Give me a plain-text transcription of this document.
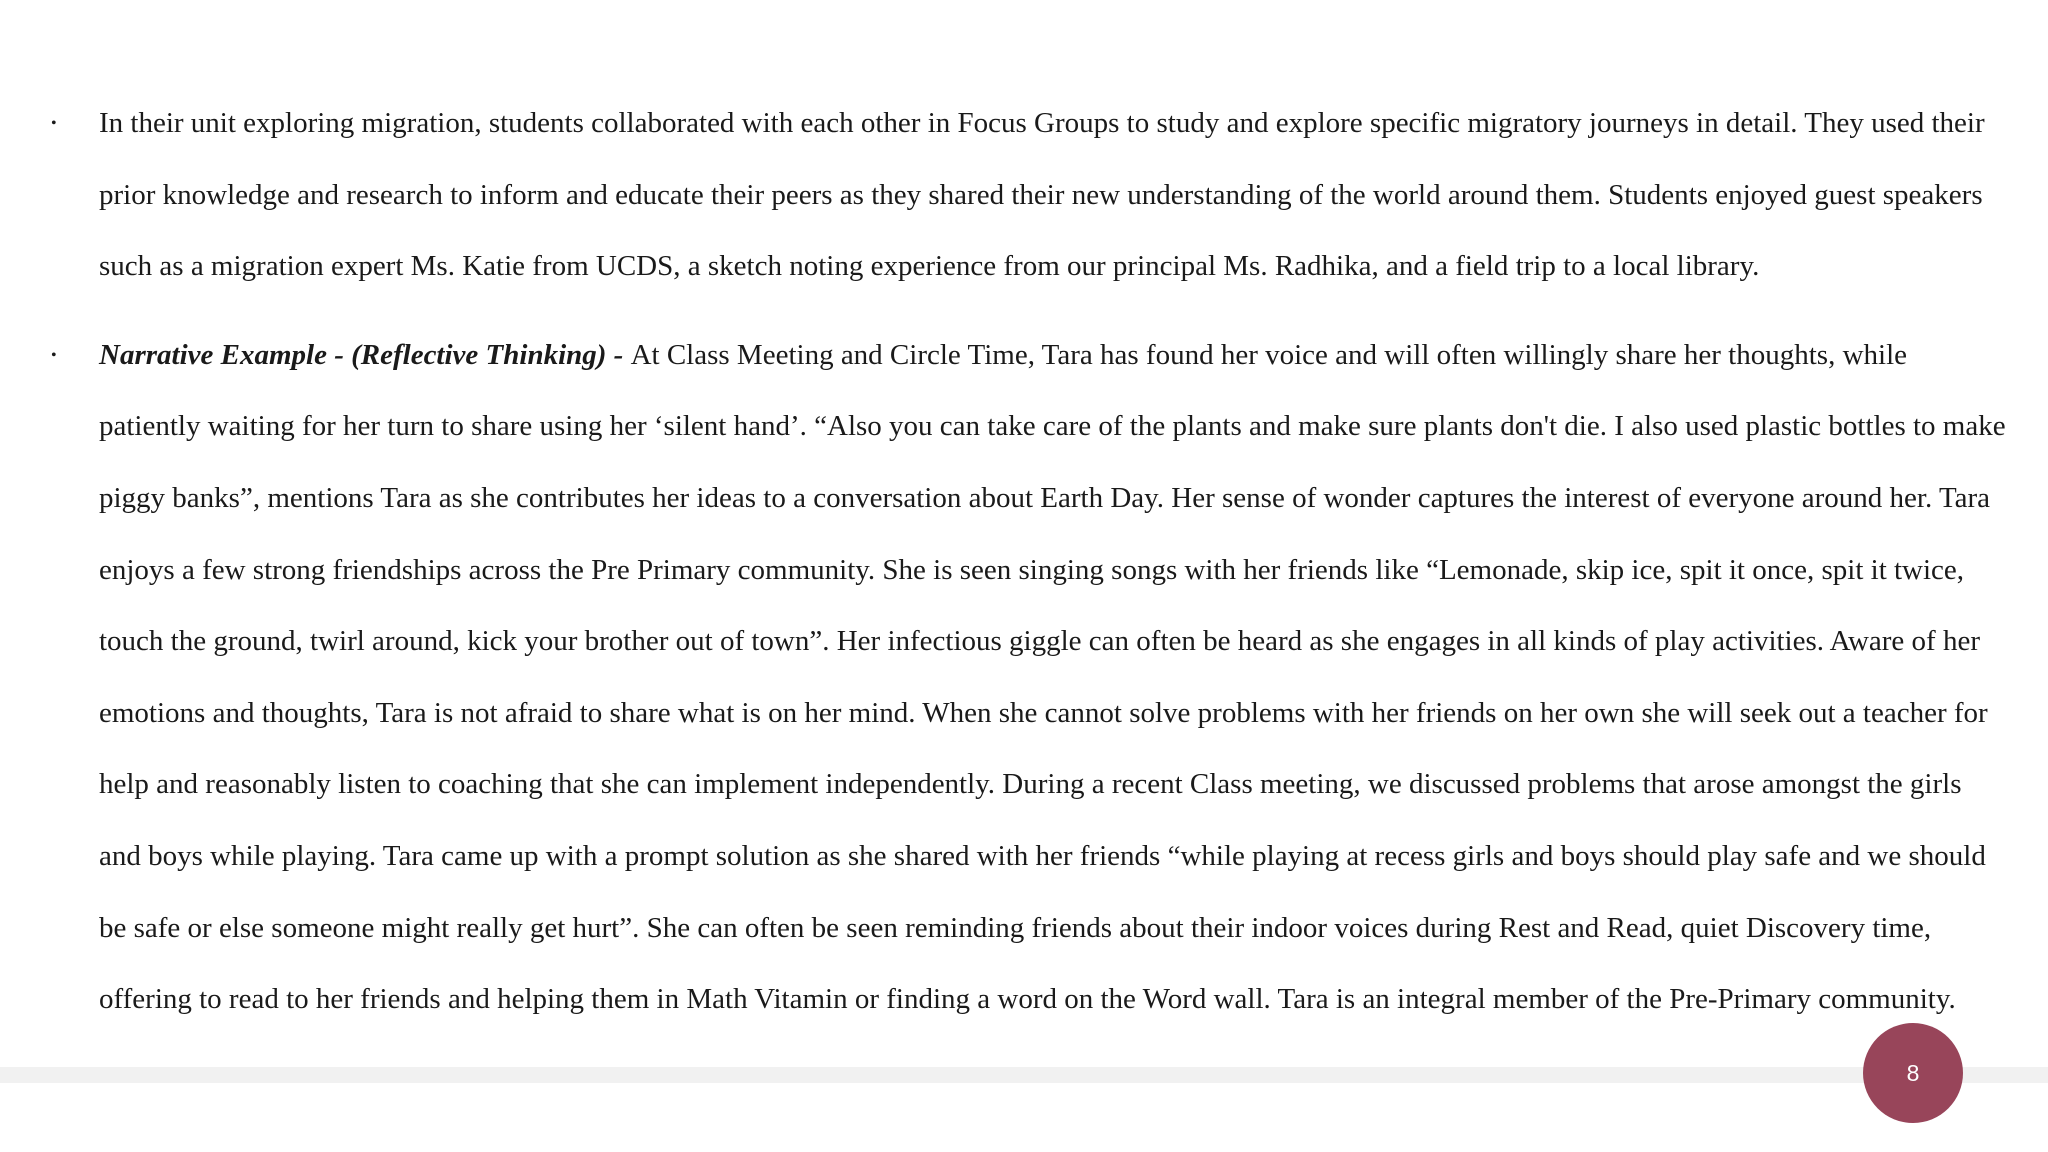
• In their unit exploring migration, students collaborated with each other in Focus Groups to study and explore specific migratory journeys in detail. They used their prior knowledge and research to inform and educate their peers as they shared their new understanding of the world around them. Students enjoyed guest speakers such as a migration expert Ms. Katie from UCDS, a sketch noting experience from our principal Ms. Radhika, and a field trip to a local library.
• Narrative Example - (Reflective Thinking) - At Class Meeting and Circle Time, Tara has found her voice and will often willingly share her thoughts, while patiently waiting for her turn to share using her ‘silent hand’. “Also you can take care of the plants and make sure plants don't die. I also used plastic bottles to make piggy banks”, mentions Tara as she contributes her ideas to a conversation about Earth Day. Her sense of wonder captures the interest of everyone around her. Tara enjoys a few strong friendships across the Pre Primary community. She is seen singing songs with her friends like “Lemonade, skip ice, spit it once, spit it twice, touch the ground, twirl around, kick your brother out of town”. Her infectious giggle can often be heard as she engages in all kinds of play activities. Aware of her emotions and thoughts, Tara is not afraid to share what is on her mind. When she cannot solve problems with her friends on her own she will seek out a teacher for help and reasonably listen to coaching that she can implement independently. During a recent Class meeting, we discussed problems that arose amongst the girls and boys while playing. Tara came up with a prompt solution as she shared with her friends “while playing at recess girls and boys should play safe and we should be safe or else someone might really get hurt”. She can often be seen reminding friends about their indoor voices during Rest and Read, quiet Discovery time, offering to read to her friends and helping them in Math Vitamin or finding a word on the Word wall. Tara is an integral member of the Pre-Primary community.
8
